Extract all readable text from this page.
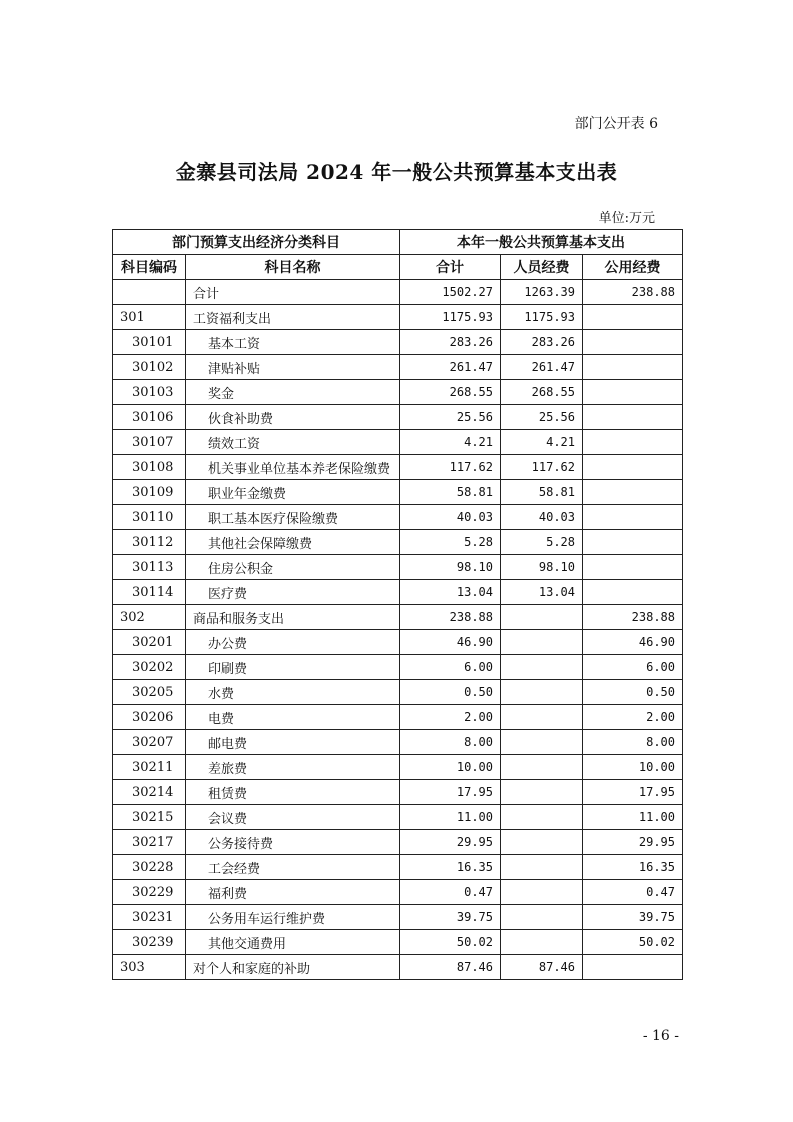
部门公开表 6
金寨县司法局 2024 年一般公共预算基本支出表
单位:万元
部门预算支出经济分类科目		本年一般公共预算基本支出		
科目编码	科目名称	合计	人员经费	公用经费
	合计	1502.27	1263.39	238.88
301	工资福利支出	1175.93	1175.93	
30101	基本工资	283.26	283.26	
30102	津贴补贴	261.47	261.47	
30103	奖金	268.55	268.55	
30106	伙食补助费	25.56	25.56	
30107	绩效工资	4.21	4.21	
30108	机关事业单位基本养老保险缴费	117.62	117.62	
30109	职业年金缴费	58.81	58.81	
30110	职工基本医疗保险缴费	40.03	40.03	
30112	其他社会保障缴费	5.28	5.28	
30113	住房公积金	98.10	98.10	
30114	医疗费	13.04	13.04	
302	商品和服务支出	238.88		238.88
30201	办公费	46.90		46.90
30202	印刷费	6.00		6.00
30205	水费	0.50		0.50
30206	电费	2.00		2.00
30207	邮电费	8.00		8.00
30211	差旅费	10.00		10.00
30214	租赁费	17.95		17.95
30215	会议费	11.00		11.00
30217	公务接待费	29.95		29.95
30228	工会经费	16.35		16.35
30229	福利费	0.47		0.47
30231	公务用车运行维护费	39.75		39.75
30239	其他交通费用	50.02		50.02
303	对个人和家庭的补助	87.46	87.46	
- 16 -
